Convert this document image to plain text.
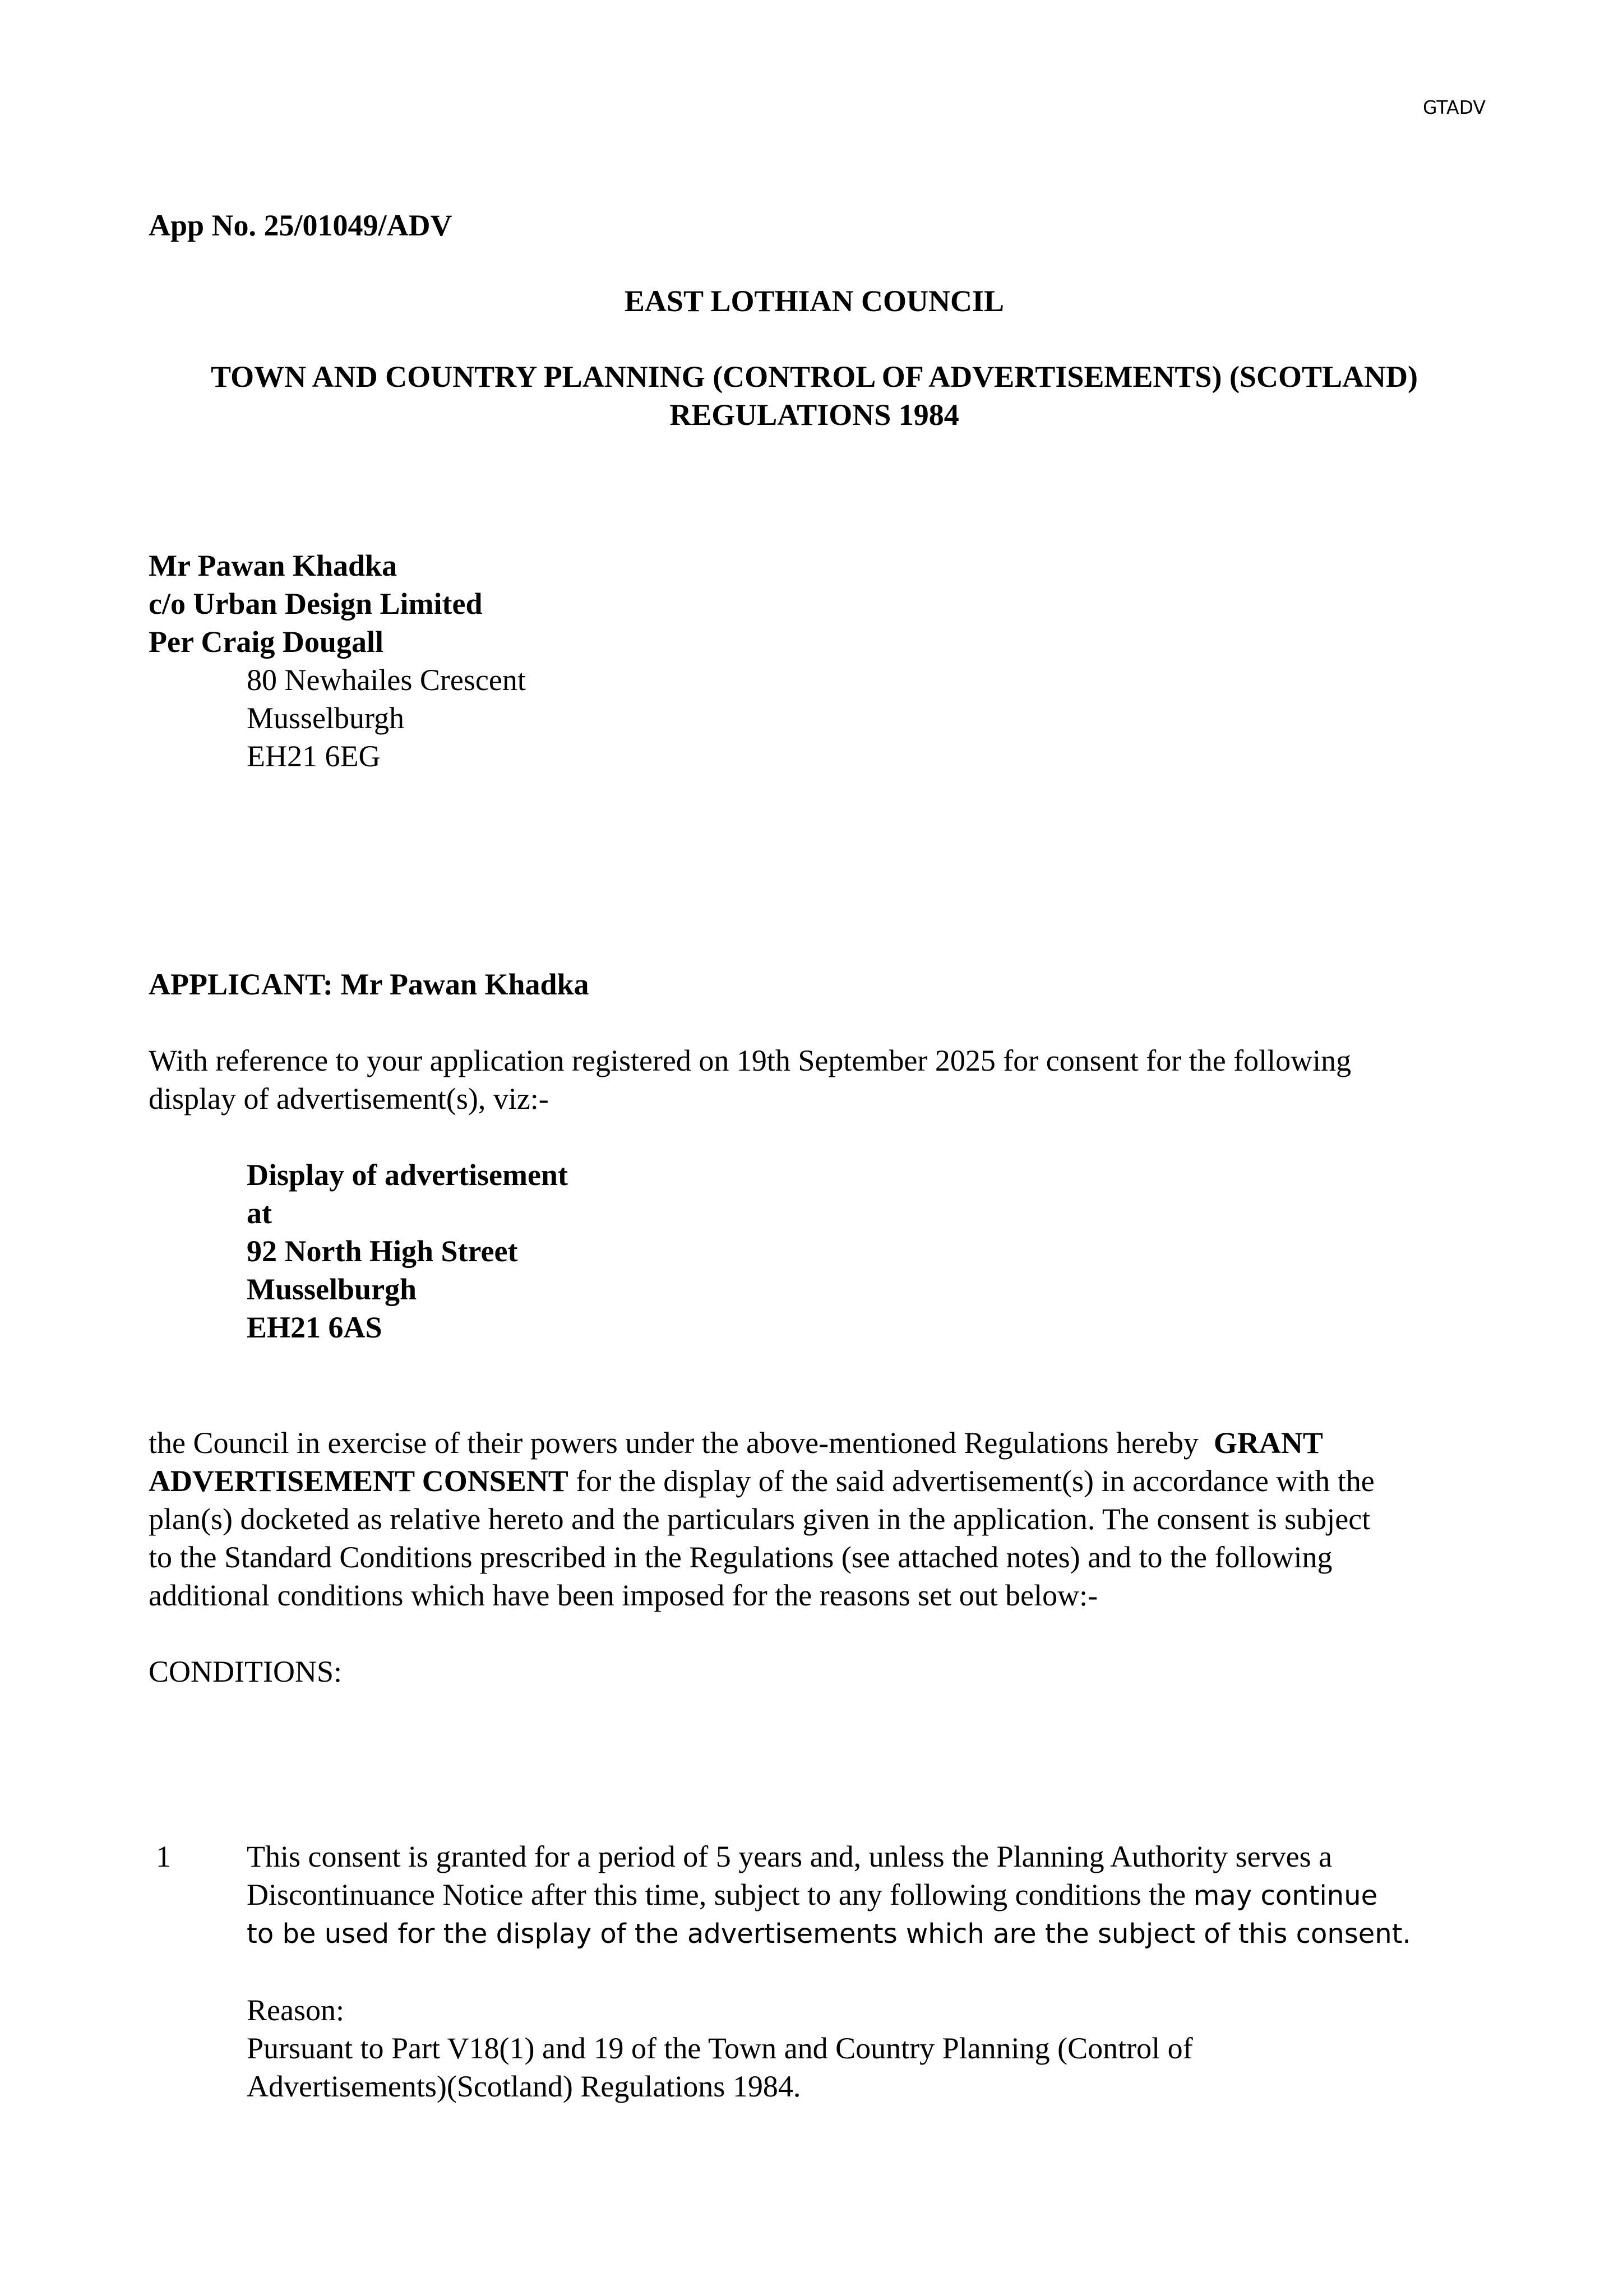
GTADV

App No. 25/01049/ADV

EAST LOTHIAN COUNCIL

TOWN AND COUNTRY PLANNING (CONTROL OF ADVERTISEMENTS) (SCOTLAND)
REGULATIONS 1984
Mr Pawan Khadka
c/o Urban Design Limited
Per Craig Dougall
80 Newhailes Crescent
Musselburgh
EH21 6EG

APPLICANT: Mr Pawan Khadka

With reference to your application registered on 19th September 2025 for consent for the following
display of advertisement(s), viz:-
Display of advertisement
at
92 North High Street
Musselburgh
EH21 6AS
the Council in exercise of their powers under the above-mentioned Regulations hereby  GRANT
ADVERTISEMENT CONSENT for the display of the said advertisement(s) in accordance with the
plan(s) docketed as relative hereto and the particulars given in the application. The consent is subject
to the Standard Conditions prescribed in the Regulations (see attached notes) and to the following
additional conditions which have been imposed for the reasons set out below:-

CONDITIONS:

1	This consent is granted for a period of 5 years and, unless the Planning Authority serves a
Discontinuance Notice after this time, subject to any following conditions the may continue
to be used for the display of the advertisements which are the subject of this consent.
Reason:
Pursuant to Part V18(1) and 19 of the Town and Country Planning (Control of
Advertisements)(Scotland) Regulations 1984.
